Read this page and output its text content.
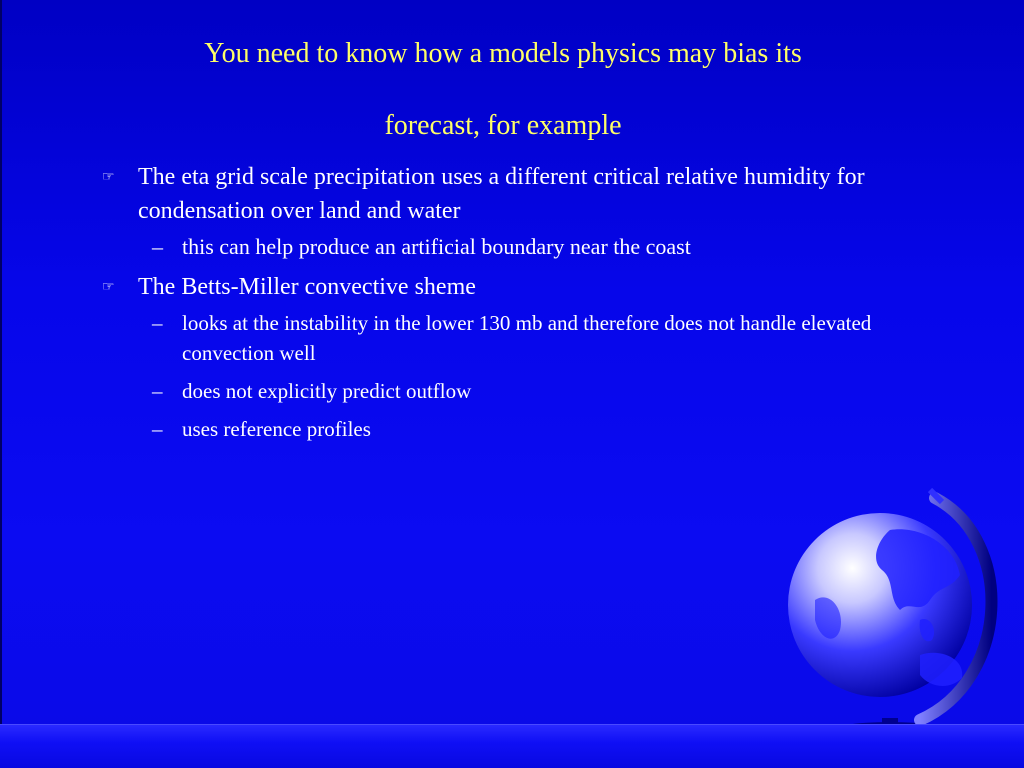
You need to know how a models physics may bias its
forecast, for example
☞ The eta grid scale precipitation uses a different critical relative humidity for condensation over land and water
– this can help produce an artificial boundary near the coast
☞ The Betts-Miller convective sheme
– looks at the instability in the lower 130 mb and therefore does not handle elevated convection well
– does not explicitly predict outflow
– uses reference profiles
